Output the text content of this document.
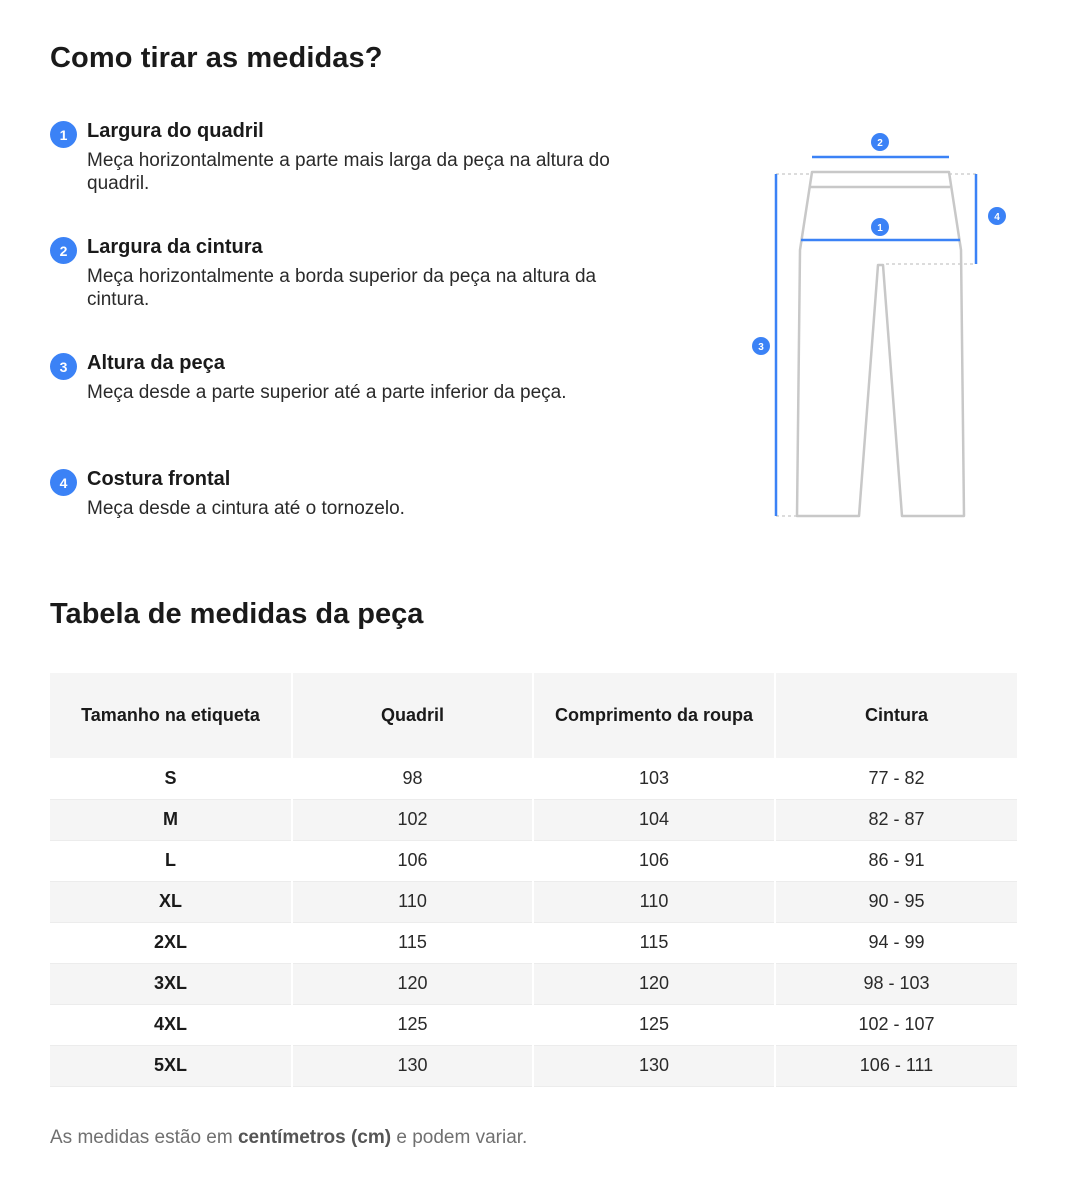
Como tirar as medidas?
1 Largura do quadril
Meça horizontalmente a parte mais larga da peça na altura do quadril.
2 Largura da cintura
Meça horizontalmente a borda superior da peça na altura da cintura.
3 Altura da peça
Meça desde a parte superior até a parte inferior da peça.
4 Costura frontal
Meça desde a cintura até o tornozelo.
2
1
3
4
Tabela de medidas da peça
Tamanho na etiqueta	Quadril	Comprimento da roupa	Cintura
S	98	103	77 - 82
M	102	104	82 - 87
L	106	106	86 - 91
XL	110	110	90 - 95
2XL	115	115	94 - 99
3XL	120	120	98 - 103
4XL	125	125	102 - 107
5XL	130	130	106 - 111
As medidas estão em centímetros (cm) e podem variar.
